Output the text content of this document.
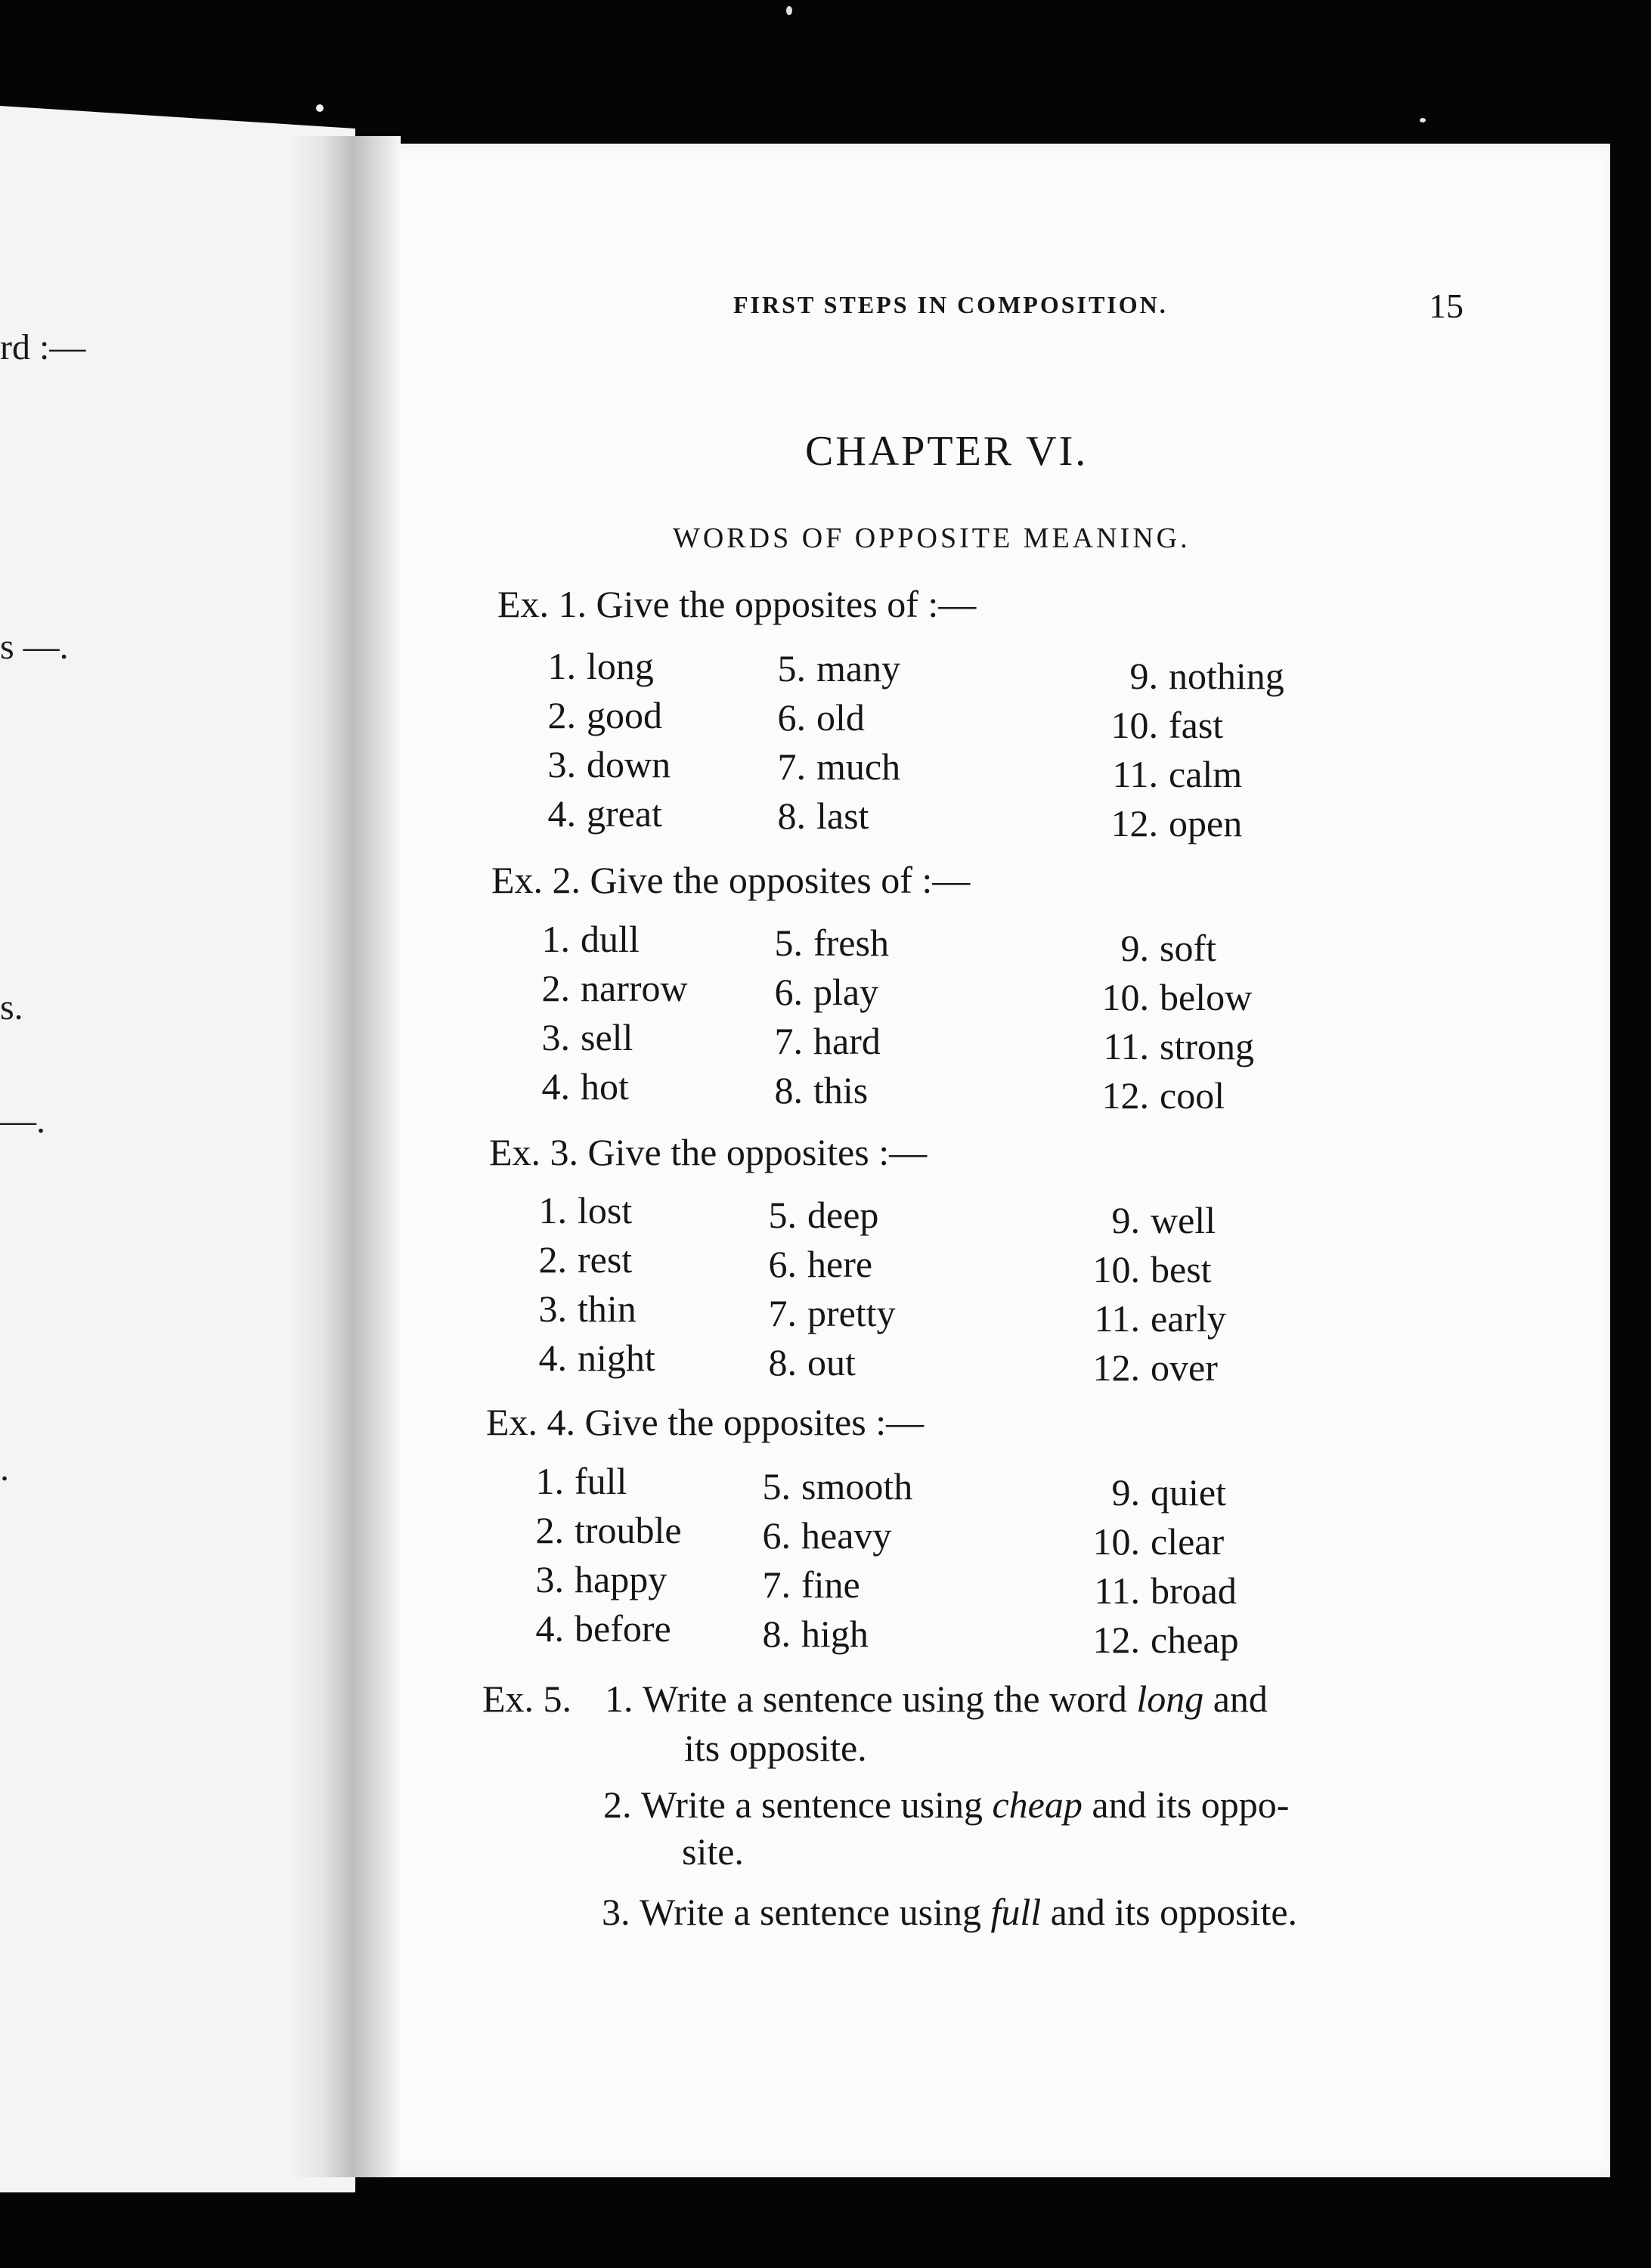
rd :—
s —.
s.
—.
.
FIRST STEPS IN COMPOSITION.	15
CHAPTER VI.
WORDS OF OPPOSITE MEANING.
Ex. 1. Give the opposites of :—
1. long
2. good
3. down
4. great
5. many
6. old
7. much
8. last
9. nothing
10. fast
11. calm
12. open
Ex. 2. Give the opposites of :—
1. dull
2. narrow
3. sell
4. hot
5. fresh
6. play
7. hard
8. this
9. soft
10. below
11. strong
12. cool
Ex. 3. Give the opposites :—
1. lost
2. rest
3. thin
4. night
5. deep
6. here
7. pretty
8. out
9. well
10. best
11. early
12. over
Ex. 4. Give the opposites :—
1. full
2. trouble
3. happy
4. before
5. smooth
6. heavy
7. fine
8. high
9. quiet
10. clear
11. broad
12. cheap
Ex. 5. 1. Write a sentence using the word long and
its opposite.
2. Write a sentence using cheap and its oppo-
site.
3. Write a sentence using full and its opposite.
